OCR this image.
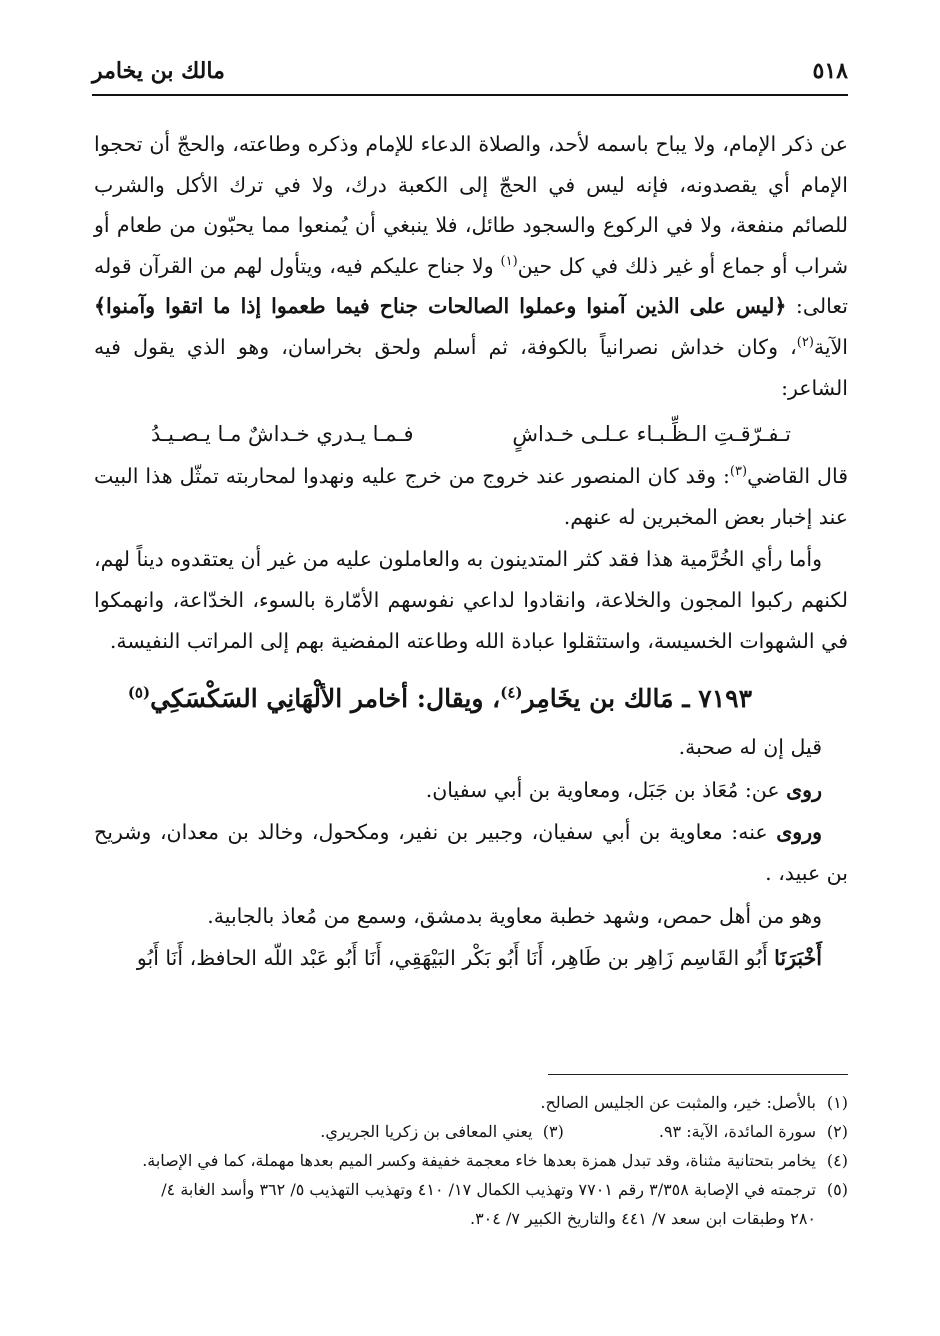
٥١٨
مالك بن يخامر

عن ذكر الإمام، ولا يباح باسمه لأحد، والصلاة الدعاء للإمام وذكره وطاعته، والحجّ أن تحجوا الإمام أي يقصدونه، فإنه ليس في الحجّ إلى الكعبة درك، ولا في ترك الأكل والشرب للصائم منفعة، ولا في الركوع والسجود طائل، فلا ينبغي أن يُمنعوا مما يحبّون من طعام أو شراب أو جماع أو غير ذلك في كل حين$^{(١)}$ ولا جناح عليكم فيه، ويتأول لهم من القرآن قوله تعالى: ﴿ليس على الذين آمنوا وعملوا الصالحات جناح فيما طعموا إذا ما اتقوا وآمنوا﴾ الآية$^{(٢)}$، وكان خداش نصرانياً بالكوفة، ثم أسلم ولحق بخراسان، وهو الذي يقول فيه الشاعر:

تـفـرّقـتِ الـظِّـبـاء عـلـى خـداشٍ
فـمـا يـدري خـداشٌ مـا يـصـيـدُ

قال القاضي$^{(٣)}$: وقد كان المنصور عند خروج من خرج عليه ونهدوا لمحاربته تمثّل هذا البيت عند إخبار بعض المخبرين له عنهم.

وأما رأي الخُرَّمية هذا فقد كثر المتدينون به والعاملون عليه من غير أن يعتقدوه ديناً لهم، لكنهم ركبوا المجون والخلاعة، وانقادوا لداعي نفوسهم الأمّارة بالسوء، الخدّاعة، وانهمكوا في الشهوات الخسيسة، واستثقلوا عبادة الله وطاعته المفضية بهم إلى المراتب النفيسة.

٧١٩٣ ـ مَالك بن يخَامِر$^{(٤)}$، ويقال: أخامر الألْهَانِي السَكْسَكِي$^{(٥)}$

قيل إن له صحبة.

روى عن: مُعَاذ بن جَبَل، ومعاوية بن أبي سفيان.

وروى عنه: معاوية بن أبي سفيان، وجبير بن نفير، ومكحول، وخالد بن معدان، وشريح بن عبيد، .

وهو من أهل حمص، وشهد خطبة معاوية بدمشق، وسمع من مُعاذ بالجابية.

أَخْبَرَنَا أَبُو القَاسِم زَاهِر بن طَاهِر، أَنَا أَبُو بَكْر البَيْهَقِي، أَنَا أَبُو عَبْد اللّه الحافظ، أَنَا أَبُو

(١)
بالأصل: خير، والمثبت عن الجليس الصالح.
(٢)
سورة المائدة، الآية: ٩٣.
(٣)  يعني المعافى بن زكريا الجريري.
(٤)
يخامر بتحتانية مثناة، وقد تبدل همزة بعدها خاء معجمة خفيفة وكسر الميم بعدها مهملة، كما في الإصابة.
(٥)
ترجمته في الإصابة ٣/٣٥٨ رقم ٧٧٠١ وتهذيب الكمال ١٧/ ٤١٠ وتهذيب التهذيب ٥/ ٣٦٢ وأسد الغابة ٤/
٢٨٠ وطبقات ابن سعد ٧/ ٤٤١ والتاريخ الكبير ٧/ ٣٠٤.
